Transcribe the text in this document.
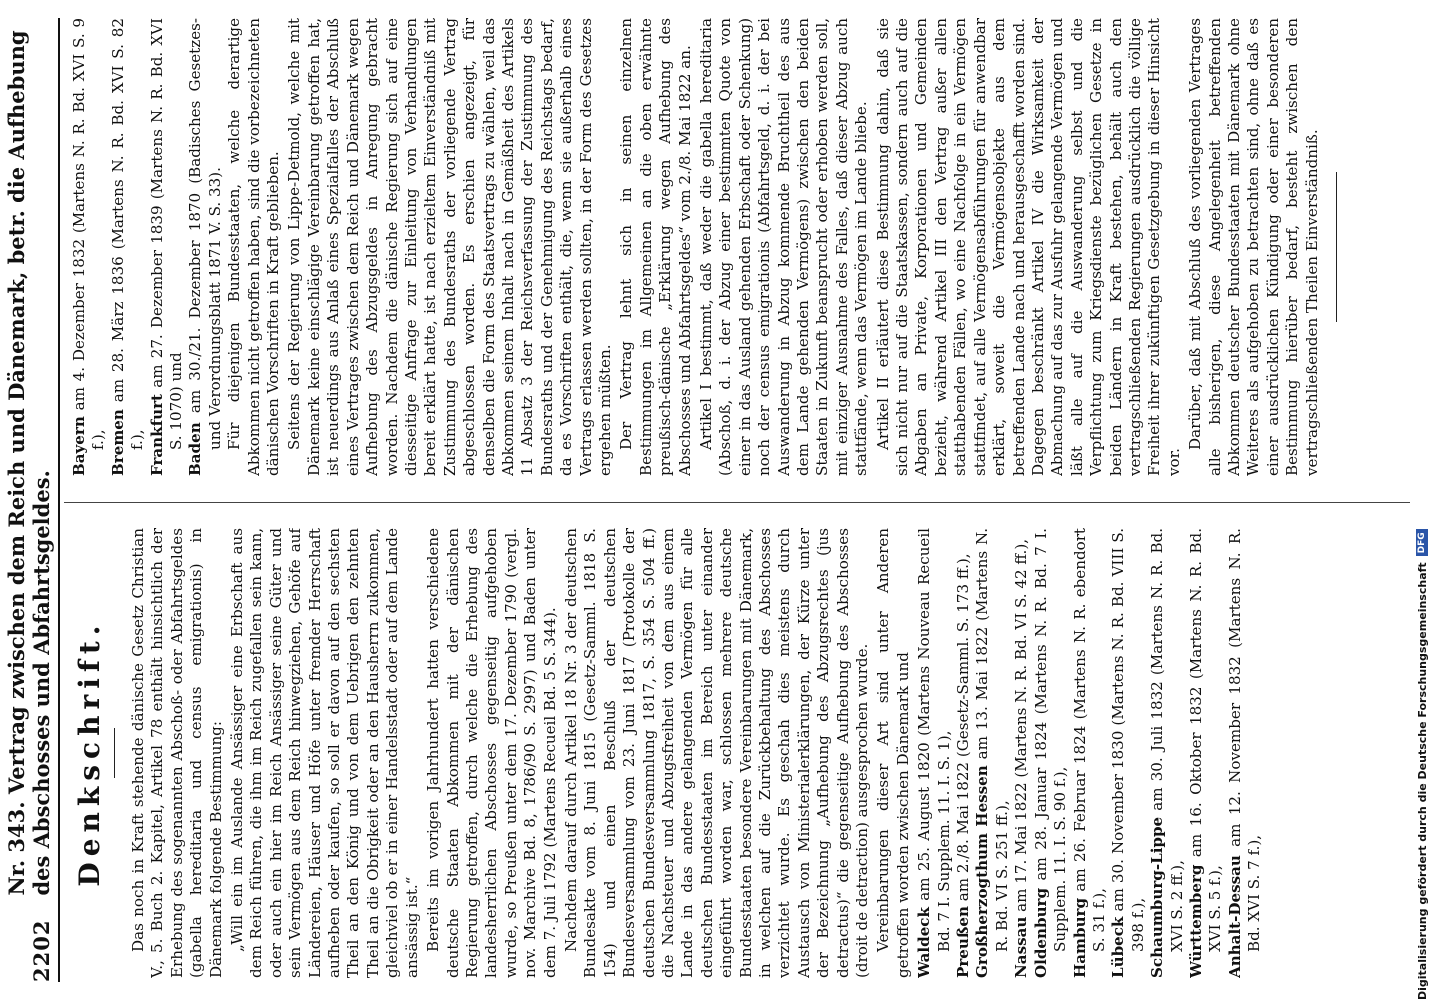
2202
Nr. 343. Vertrag zwischen dem Reich und Dänemark, betr. die Aufhebung des Abschosses und Abfahrtsgeldes. Denkschrift. Das noch in Kraft stehende dänische Gesetz Christian V., 5. Buch 2. Kapitel, Artikel 78 enthält hinsichtlich der Erhebung des sogenannten Abschoß- oder Abfahrtsgeldes (gabella hereditaria und census emigrationis) in Dänemark folgende Bestimmung: „Will ein im Auslande Ansässiger eine Erbschaft aus dem Reich führen, die ihm im Reich zugefallen sein kann, oder auch ein hier im Reich Ansässiger seine Güter und sein Vermögen aus dem Reich hinwegziehen, Gehöfe auf Ländereien, Häuser und Höfe unter fremder Herrschaft aufheben oder kaufen, so soll er davon auf den sechsten Theil an den König und von dem Uebrigen den zehnten Theil an die Obrigkeit oder an den Hausherrn zukommen, gleichviel ob er in einer Handelsstadt oder auf dem Lande ansässig ist.“ Bereits im vorigen Jahrhundert hatten verschiedene deutsche Staaten Abkommen mit der dänischen Regierung getroffen, durch welche die Erhebung des landesherrlichen Abschosses gegenseitig aufgehoben wurde, so Preußen unter dem 17. Dezember 1790 (vergl. nov. Marchive Bd. 8, 1786/90 S. 2997) und Baden unter dem 7. Juli 1792 (Martens Recueil Bd. 5 S. 344). Nachdem darauf durch Artikel 18 Nr. 3 der deutschen Bundesakte vom 8. Juni 1815 (Gesetz-Samml. 1818 S. 154) und einen Beschluß der deutschen Bundesversammlung vom 23. Juni 1817 (Protokolle der deutschen Bundesversammlung 1817, S. 354 S. 504 ff.) die Nachsteuer und Abzugsfreiheit von dem aus einem Lande in das andere gelangenden Vermögen für alle deutschen Bundesstaaten im Bereich unter einander eingeführt worden war, schlossen mehrere deutsche Bundesstaaten besondere Vereinbarungen mit Dänemark, in welchen auf die Zurückbehaltung des Abschosses verzichtet wurde. Es geschah dies meistens durch Austausch von Ministerialerklärungen, der Kürze unter der Bezeichnung „Aufhebung des Abzugsrechtes (jus detractus)“ die gegenseitige Aufhebung des Abschosses (droit de detraction) ausgesprochen wurde. Vereinbarungen dieser Art sind unter Anderen getroffen worden zwischen Dänemark und Waldeck am 25. August 1820 (Martens Nouveau Recueil Bd. 7 I. Supplem. 11. I. S. 1), Preußen am 2./8. Mai 1822 (Gesetz-Samml. S. 173 ff.), Großherzogthum Hessen am 13. Mai 1822 (Martens N. R. Bd. VI S. 251 ff.), Nassau am 17. Mai 1822 (Martens N. R. Bd. VI S. 42 ff.),
Oldenburg am 28. Januar 1824 (Martens N. R. Bd. 7 I. Supplem. 11. I. S. 90 f.), Hamburg am 26. Februar 1824 (Martens N. R. ebendort S. 31 f.), Lübeck am 30. November 1830 (Martens N. R. Bd. VIII S. 398 f.), Schaumburg-Lippe am 30. Juli 1832 (Martens N. R. Bd. XVI S. 2 ff.), Württemberg am 16. Oktober 1832 (Martens N. R. Bd. XVI S. 5 f.), Anhalt-Dessau am 12. November 1832 (Martens N. R. Bd. XVI S. 7 f.),
Bayern am 4. Dezember 1832 (Martens N. R. Bd. XVI S. 9 f.), Bremen am 28. März 1836 (Martens N. R. Bd. XVI S. 82 f.), Frankfurt am 27. Dezember 1839 (Martens N. R. Bd. XVI S. 1070) und Baden am 30./21. Dezember 1870 (Badisches Gesetzes- und Verordnungsblatt 1871 V. S. 33). Für diejenigen Bundesstaaten, welche derartige Abkommen nicht getroffen haben, sind die vorbezeichneten dänischen Vorschriften in Kraft geblieben. Seitens der Regierung von Lippe-Detmold, welche mit Dänemark keine einschlägige Vereinbarung getroffen hat, ist neuerdings aus Anlaß eines Spezialfalles der Abschluß eines Vertrages zwischen dem Reich und Dänemark wegen Aufhebung des Abzugsgeldes in Anregung gebracht worden. Nachdem die dänische Regierung sich auf eine diesseitige Anfrage zur Einleitung von Verhandlungen bereit erklärt hatte, ist nach erzieltem Einverständniß mit Zustimmung des Bundesraths der vorliegende Vertrag abgeschlossen worden. Es erschien angezeigt, für denselben die Form des Staatsvertrags zu wählen, weil das Abkommen seinem Inhalt nach in Gemäßheit des Artikels 11 Absatz 3 der Reichsverfassung der Zustimmung des Bundesraths und der Genehmigung des Reichstags bedarf, da es Vorschriften enthält, die, wenn sie außerhalb eines Vertrags erlassen werden sollten, in der Form des Gesetzes ergehen müßten. Der Vertrag lehnt sich in seinen einzelnen Bestimmungen im Allgemeinen an die oben erwähnte preußisch-dänische „Erklärung wegen Aufhebung des Abschosses und Abfahrtsgeldes“ vom 2./8. Mai 1822 an. Artikel I bestimmt, daß weder die gabella hereditaria (Abschoß, d. i. der Abzug einer bestimmten Quote von einer in das Ausland gehenden Erbschaft oder Schenkung) noch der census emigrationis (Abfahrtsgeld, d. i. der bei Auswanderung in Abzug kommende Bruchtheil des aus dem Lande gehenden Vermögens) zwischen den beiden Staaten in Zukunft beansprucht oder erhoben werden soll, mit einziger Ausnahme des Falles, daß dieser Abzug auch stattfände, wenn das Vermögen im Lande bliebe. Artikel II erläutert diese Bestimmung dahin, daß sie sich nicht nur auf die Staatskassen, sondern auch auf die Abgaben an Private, Korporationen und Gemeinden bezieht, während Artikel III den Vertrag außer allen statthabenden Fällen, wo eine Nachfolge in ein Vermögen stattfindet, auf alle Vermögensabführungen für anwendbar erklärt, soweit die Vermögensobjekte aus dem betreffenden Lande nach und herausgeschafft worden sind. Dagegen beschränkt Artikel IV die Wirksamkeit der Abmachung auf das zur Ausfuhr gelangende Vermögen und läßt alle auf die Auswanderung selbst und die Verpflichtung zum Kriegsdienste bezüglichen Gesetze in beiden Ländern in Kraft bestehen, behält auch den vertragschließenden Regierungen ausdrücklich die völlige Freiheit ihrer zukünftigen Gesetzgebung in dieser Hinsicht vor.

Darüber, daß mit Abschluß des vorliegenden Vertrages alle bisherigen, diese Angelegenheit betreffenden Abkommen deutscher Bundesstaaten mit Dänemark ohne Weiteres als aufgehoben zu betrachten sind, ohne daß es einer ausdrücklichen Kündigung oder einer besonderen Bestimmung hierüber bedarf, besteht zwischen den vertragschließenden Theilen Einverständniß.

Digitalisierung gefördert durch die Deutsche Forschungsgemeinschaft
DFG
